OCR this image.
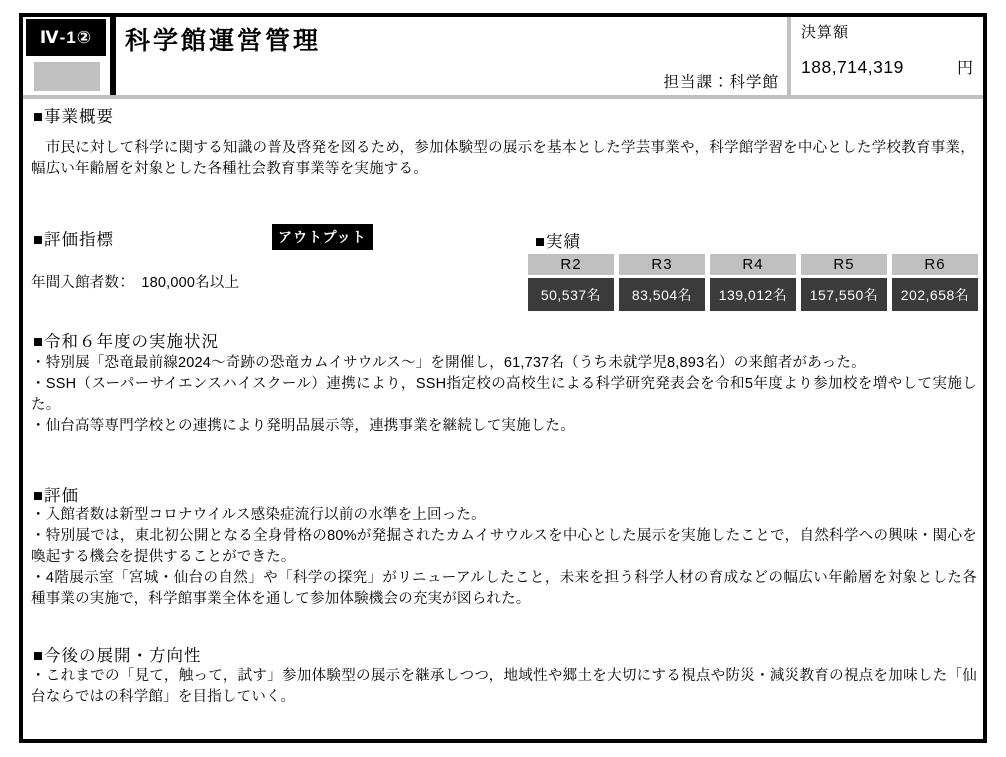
Ⅳ-1②	科学館運営管理
担当課：科学館
決算額
188,714,319	円
■事業概要

　市民に対して科学に関する知識の普及啓発を図るため，参加体験型の展示を基本とした学芸事業や，科学館学習を中心とした学校教育事業，幅広い年齢層を対象とした各種社会教育事業等を実施する。

■評価指標	アウトプット

年間入館者数：　180,000名以上

■実績
R2	R3	R4	R5	R6
50,537名	83,504名	139,012名	157,550名	202,658名
■令和６年度の実施状況

・特別展「恐竜最前線2024～奇跡の恐竜カムイサウルス～」を開催し，61,737名（うち未就学児8,893名）の来館者があった。

・SSH（スーパーサイエンスハイスクール）連携により，SSH指定校の高校生による科学研究発表会を令和5年度より参加校を増やして実施した。

・仙台高等専門学校との連携により発明品展示等，連携事業を継続して実施した。

■評価

・入館者数は新型コロナウイルス感染症流行以前の水準を上回った。

・特別展では，東北初公開となる全身骨格の80%が発掘されたカムイサウルスを中心とした展示を実施したことで，自然科学への興味・関心を喚起する機会を提供することができた。

・4階展示室「宮城・仙台の自然」や「科学の探究」がリニューアルしたこと，未来を担う科学人材の育成などの幅広い年齢層を対象とした各種事業の実施で，科学館事業全体を通して参加体験機会の充実が図られた。

■今後の展開・方向性

・これまでの「見て，触って，試す」参加体験型の展示を継承しつつ，地域性や郷土を大切にする視点や防災・減災教育の視点を加味した「仙台ならではの科学館」を目指していく。
